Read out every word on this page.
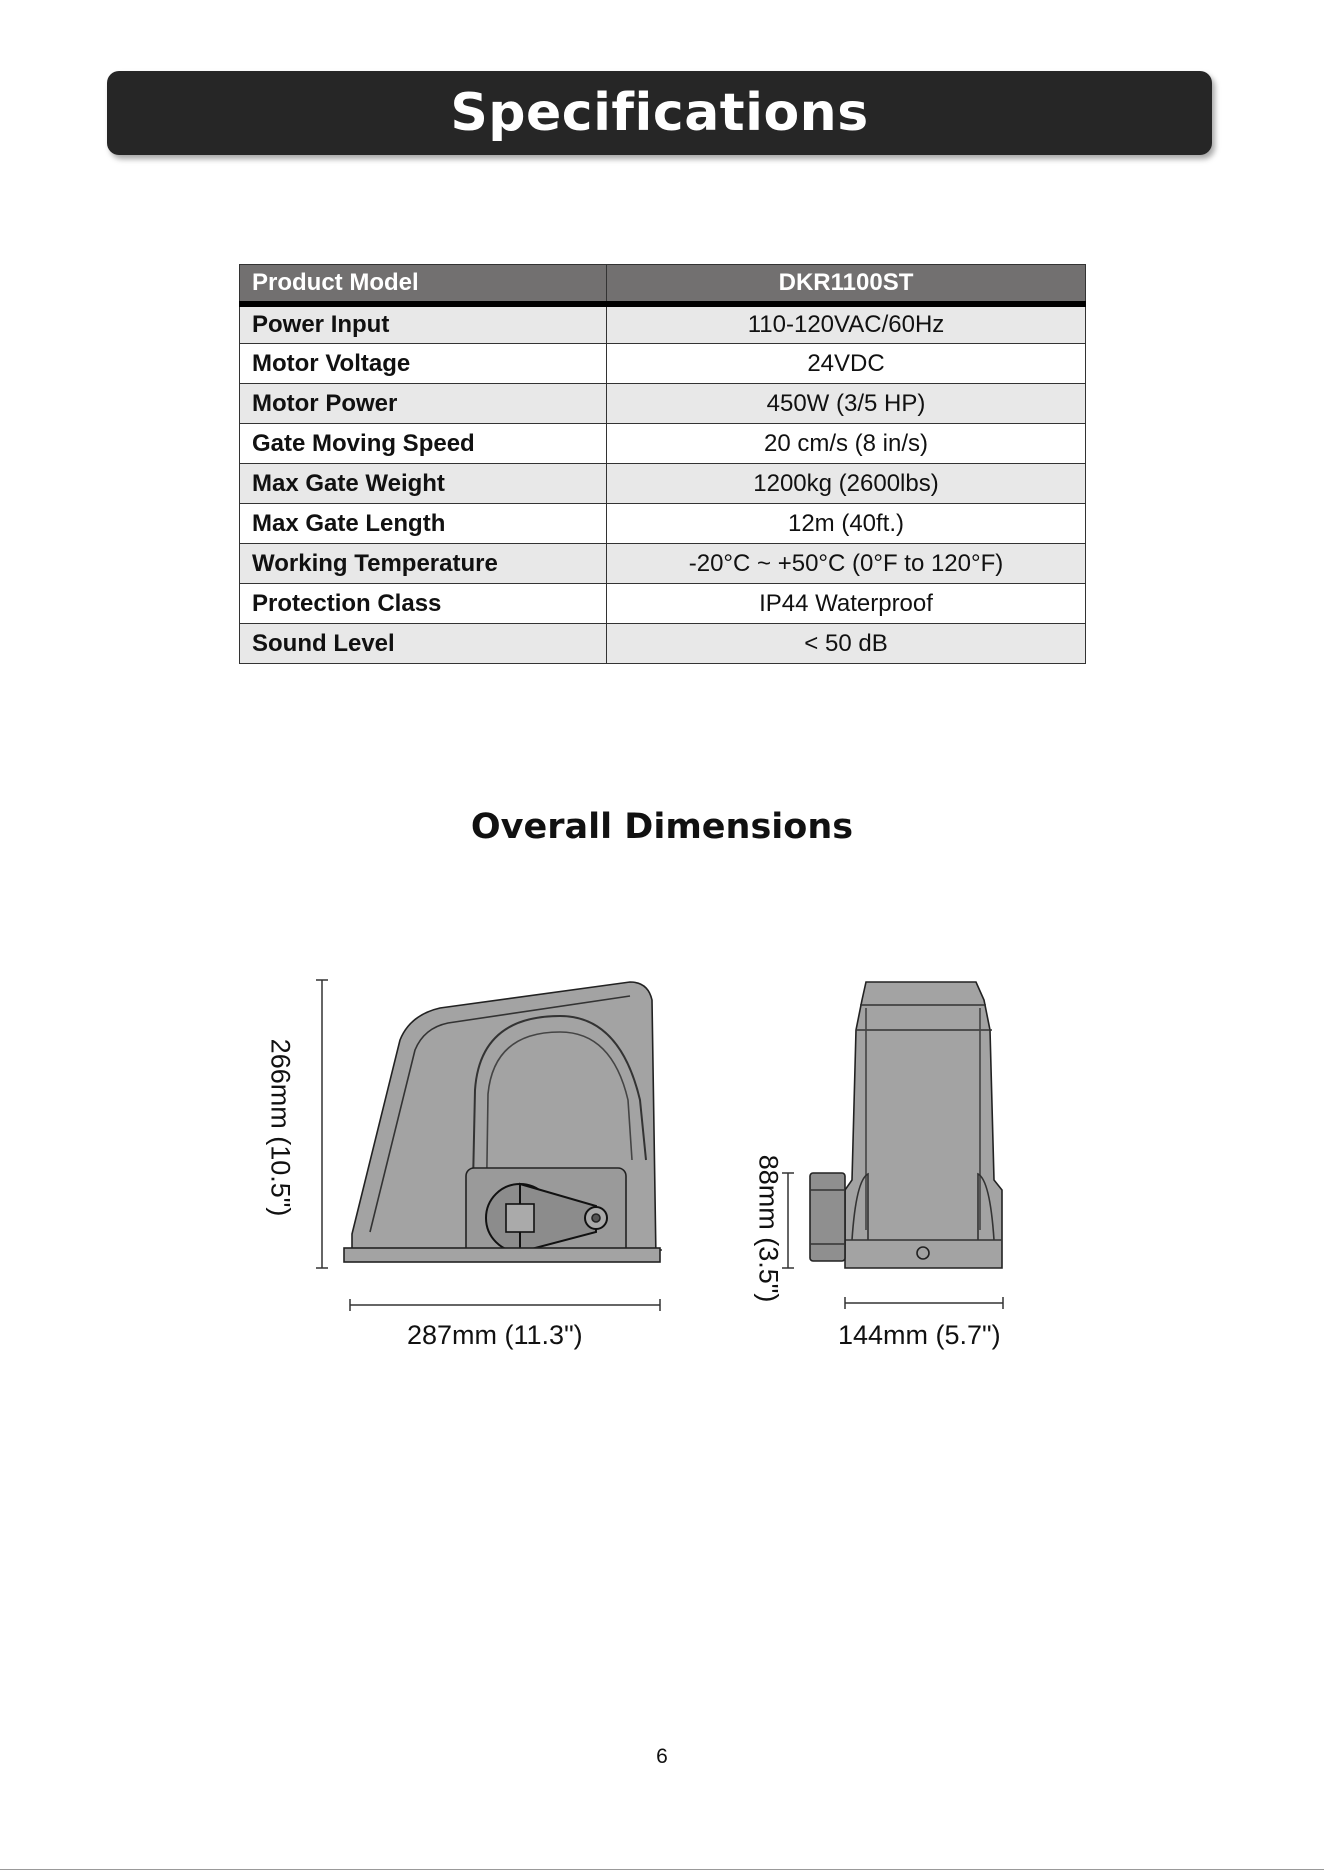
Specifications
Product Model	DKR1100ST
Power Input	110-120VAC/60Hz
Motor Voltage	24VDC
Motor Power	450W (3/5 HP)
Gate Moving Speed	20 cm/s (8 in/s)
Max Gate Weight	1200kg (2600lbs)
Max Gate Length	12m (40ft.)
Working Temperature	-20°C ~ +50°C (0°F to 120°F)
Protection Class	IP44 Waterproof
Sound Level	< 50 dB
Overall Dimensions
266mm (10.5")
287mm (11.3")
88mm (3.5")
144mm (5.7")
6
